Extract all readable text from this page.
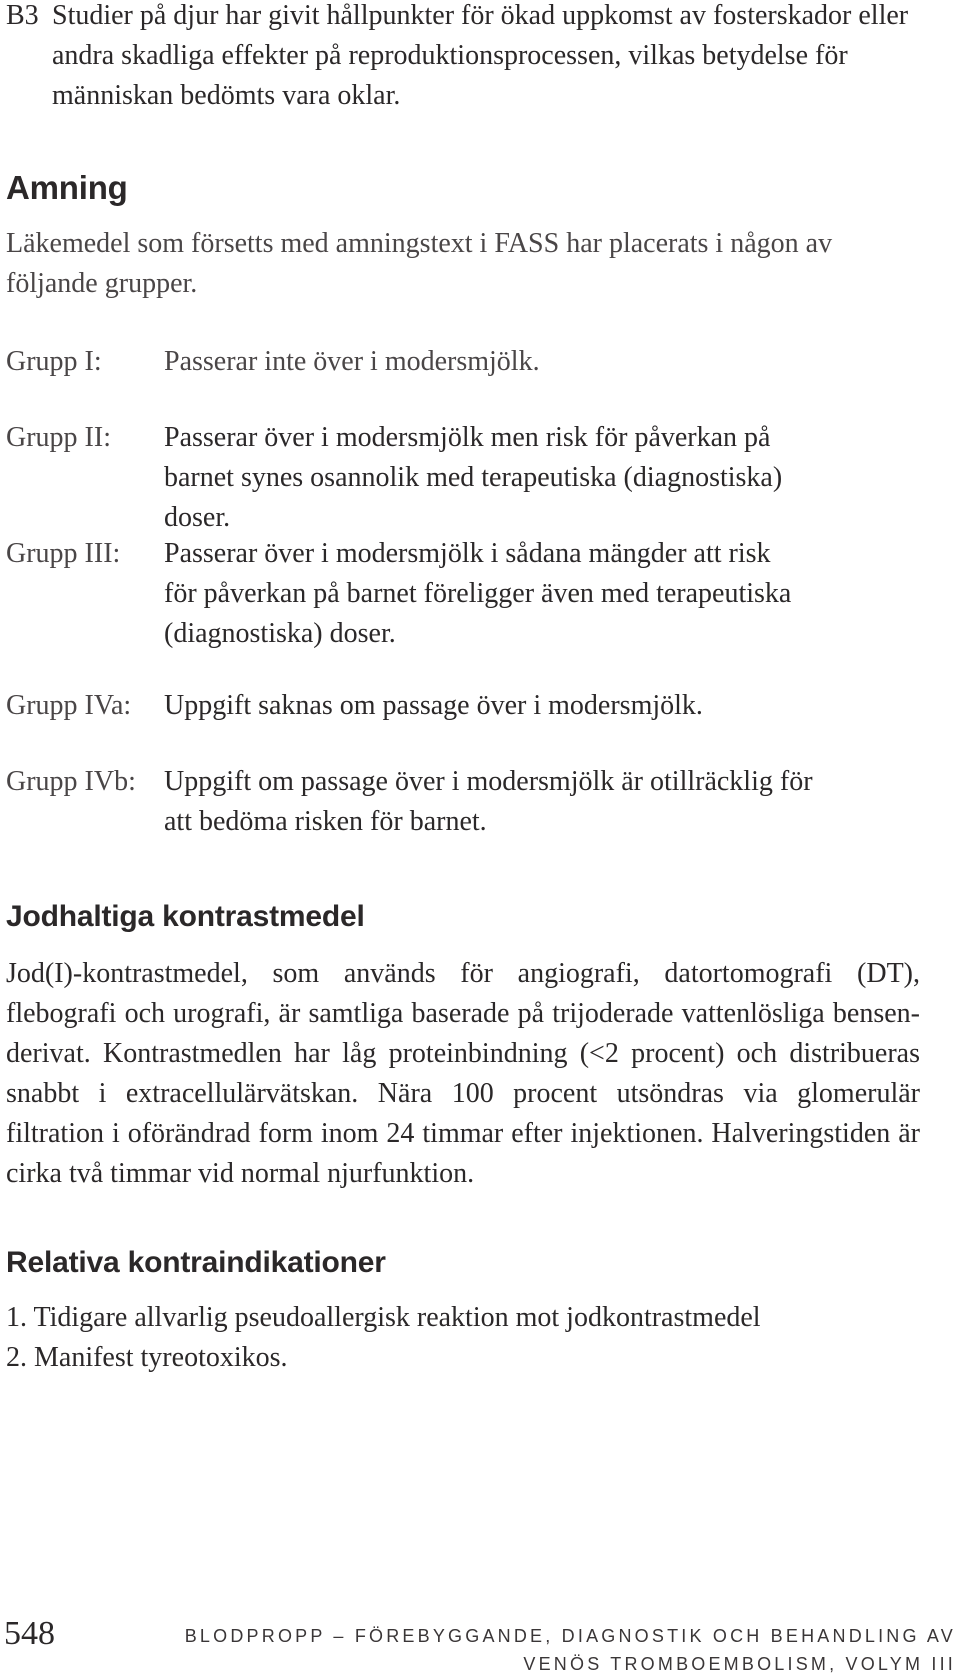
B3 Studier på djur har givit hållpunkter för ökad uppkomst av fosterskador eller andra skadliga effekter på reproduktionsprocessen, vilkas betydelse för människan bedömts vara oklar.
Amning
Läkemedel som försetts med amningstext i FASS har placerats i någon av följande grupper.
Grupp I: Passerar inte över i modersmjölk.
Grupp II: Passerar över i modersmjölk men risk för påverkan på barnet synes osannolik med terapeutiska (diagnostiska) doser.
Grupp III: Passerar över i modersmjölk i sådana mängder att risk för påverkan på barnet föreligger även med terapeutiska (diagnostiska) doser.
Grupp IVa: Uppgift saknas om passage över i modersmjölk.
Grupp IVb: Uppgift om passage över i modersmjölk är otillräcklig för att bedöma risken för barnet.
Jodhaltiga kontrastmedel
Jod(I)-kontrastmedel, som används för angiografi, datortomografi (DT), flebografi och urografi, är samtliga baserade på trijoderade vattenlösliga bensenderivat. Kontrastmedlen har låg proteinbindning (<2 procent) och distribueras snabbt i extracellulärvätskan. Nära 100 procent utsöndras via glomerulär filtration i oförändrad form inom 24 timmar efter injektionen. Halveringstiden är cirka två timmar vid normal njurfunktion.
Relativa kontraindikationer
1. Tidigare allvarlig pseudoallergisk reaktion mot jodkontrastmedel
2. Manifest tyreotoxikos.
548	BLODPROPP – FÖREBYGGANDE, DIAGNOSTIK OCH BEHANDLING AV
VENÖS TROMBOEMBOLISM, VOLYM III
